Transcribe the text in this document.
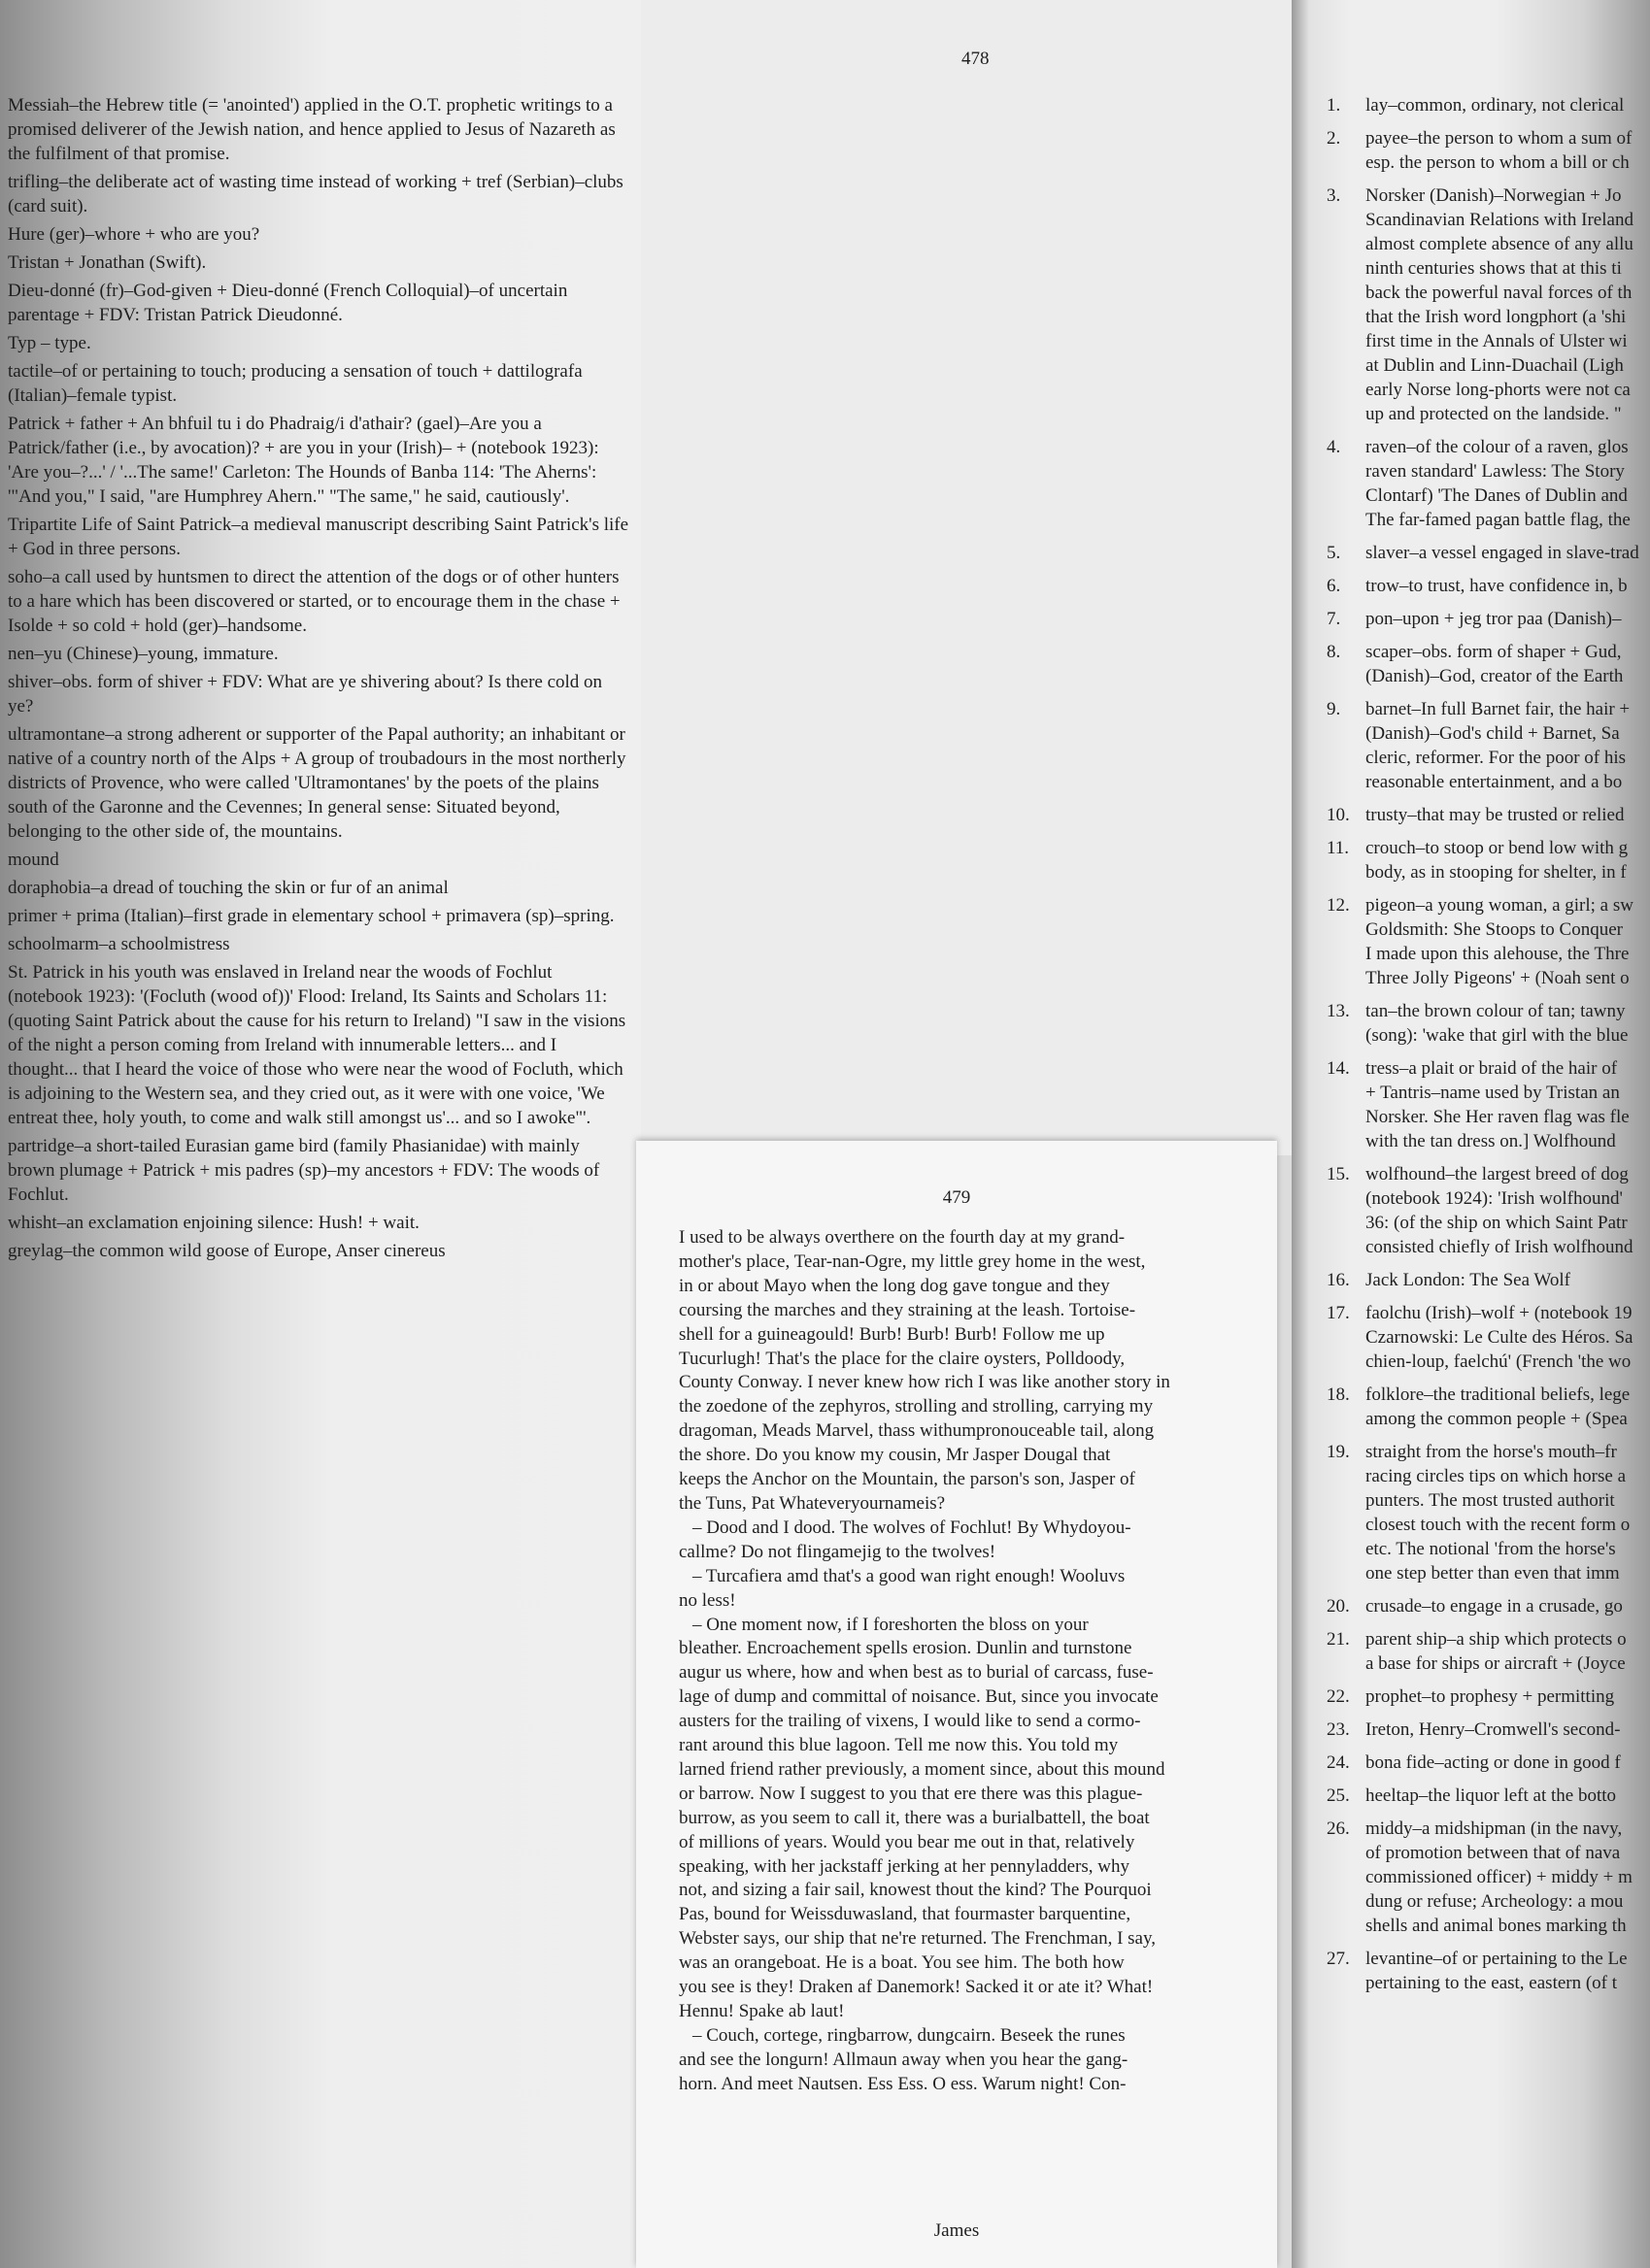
Messiah–the Hebrew title (= 'anointed') applied in the O.T. prophetic writings to a promised deliverer of the Jewish nation, and hence applied to Jesus of Nazareth as the fulfilment of that promise.
trifling–the deliberate act of wasting time instead of working + tref (Serbian)–clubs (card suit).
Hure (ger)–whore + who are you?
Tristan + Jonathan (Swift).
Dieu-donné (fr)–God-given + Dieu-donné (French Colloquial)–of uncertain parentage + FDV: Tristan Patrick Dieudonné.
Typ – type.
tactile–of or pertaining to touch; producing a sensation of touch + dattilografa (Italian)–female typist.
Patrick + father + An bhfuil tu i do Phadraig/i d'athair? (gael)–Are you a Patrick/father (i.e., by avocation)? + are you in your (Irish)– + (notebook 1923): 'Are you–?...' / '...The same!' Carleton: The Hounds of Banba 114: 'The Aherns': '"And you," I said, "are Humphrey Ahern." "The same," he said, cautiously'.
Tripartite Life of Saint Patrick–a medieval manuscript describing Saint Patrick's life + God in three persons.
soho–a call used by huntsmen to direct the attention of the dogs or of other hunters to a hare which has been discovered or started, or to encourage them in the chase + Isolde + so cold + hold (ger)–handsome.
nen–yu (Chinese)–young, immature.
shiver–obs. form of shiver + FDV: What are ye shivering about? Is there cold on ye?
ultramontane–a strong adherent or supporter of the Papal authority; an inhabitant or native of a country north of the Alps + A group of troubadours in the most northerly districts of Provence, who were called 'Ultramontanes' by the poets of the plains south of the Garonne and the Cevennes; In general sense: Situated beyond, belonging to the other side of, the mountains.
mound
doraphobia–a dread of touching the skin or fur of an animal
primer + prima (Italian)–first grade in elementary school + primavera (sp)–spring.
schoolmarm–a schoolmistress
St. Patrick in his youth was enslaved in Ireland near the woods of Fochlut (notebook 1923): '(Focluth (wood of))' Flood: Ireland, Its Saints and Scholars 11: (quoting Saint Patrick about the cause for his return to Ireland) "I saw in the visions of the night a person coming from Ireland with innumerable letters... and I thought... that I heard the voice of those who were near the wood of Focluth, which is adjoining to the Western sea, and they cried out, as it were with one voice, 'We entreat thee, holy youth, to come and walk still amongst us'... and so I awoke"'.
partridge–a short-tailed Eurasian game bird (family Phasianidae) with mainly brown plumage + Patrick + mis padres (sp)–my ancestors + FDV: The woods of Fochlut.
whisht–an exclamation enjoining silence: Hush! + wait.
greylag–the common wild goose of Europe, Anser cinereus
478
1.	lay–common, ordinary, not clerical
2.	payee–the person to whom a sum of
esp. the person to whom a bill or ch
3.	Norsker (Danish)–Norwegian + Jo
Scandinavian Relations with Ireland
almost complete absence of any allu
ninth centuries shows that at this ti
back the powerful naval forces of th
that the Irish word longphort (a 'shi
first time in the Annals of Ulster wi
at Dublin and Linn-Duachail (Ligh
early Norse long-phorts were not ca
up and protected on the landside. "
4.	raven–of the colour of a raven, glos
raven standard' Lawless: The Story
Clontarf) 'The Danes of Dublin and
The far-famed pagan battle flag, the
5.	slaver–a vessel engaged in slave-trad
6.	trow–to trust, have confidence in, b
7.	pon–upon + jeg tror paa (Danish)–
8.	scaper–obs. form of shaper + Gud,
(Danish)–God, creator of the Earth
9.	barnet–In full Barnet fair, the hair +
(Danish)–God's child + Barnet, Sa
cleric, reformer. For the poor of his
reasonable entertainment, and a bo
10. trusty–that may be trusted or relied
11. crouch–to stoop or bend low with g
body, as in stooping for shelter, in f
12. pigeon–a young woman, a girl; a sw
Goldsmith: She Stoops to Conquer
I made upon this alehouse, the Thre
Three Jolly Pigeons' + (Noah sent o
13. tan–the brown colour of tan; tawny
(song): 'wake that girl with the blue
14. tress–a plait or braid of the hair of
+ Tantris–name used by Tristan an
Norsker. She Her raven flag was fle
with the tan dress on.] Wolfhound
15. wolfhound–the largest breed of dog
(notebook 1924): 'Irish wolfhound'
36: (of the ship on which Saint Patr
consisted chiefly of Irish wolfhound
16. Jack London: The Sea Wolf
17. faolchu (Irish)–wolf + (notebook 19
Czarnowski: Le Culte des Héros. Sa
chien-loup, faelchú' (French 'the wo
18. folklore–the traditional beliefs, lege
among the common people + (Spea
19. straight from the horse's mouth–fr
racing circles tips on which horse a
punters. The most trusted authorit
closest touch with the recent form o
etc. The notional 'from the horse's
one step better than even that imm
20. crusade–to engage in a crusade, go
21. parent ship–a ship which protects o
a base for ships or aircraft + (Joyce
22. prophet–to prophesy + permitting
23. Ireton, Henry–Cromwell's second-
24. bona fide–acting or done in good f
25. heeltap–the liquor left at the botto
26. middy–a midshipman (in the navy,
of promotion between that of nava
commissioned officer) + middy + m
dung or refuse; Archeology: a mou
shells and animal bones marking th
27. levantine–of or pertaining to the Le
pertaining to the east, eastern (of t
479

I used to be always overthere on the fourth day at my grand-
mother's place, Tear-nan-Ogre, my little grey home in the west,
in or about Mayo when the long dog gave tongue and they
coursing the marches and they straining at the leash. Tortoise-
shell for a guineagould! Burb! Burb! Burb! Follow me up
Tucurlugh! That's the place for the claire oysters, Polldoody,
County Conway. I never knew how rich I was like another story in
the zoedone of the zephyros, strolling and strolling, carrying my
dragoman, Meads Marvel, thass withumpronouceable tail, along
the shore. Do you know my cousin, Mr Jasper Dougal that
keeps the Anchor on the Mountain, the parson's son, Jasper of
the Tuns, Pat Whateveryournameis?

– Dood and I dood. The wolves of Fochlut! By Whydoyou-
callme? Do not flingamejig to the twolves!

– Turcafiera amd that's a good wan right enough! Wooluvs
no less!

– One moment now, if I foreshorten the bloss on your
bleather. Encroachement spells erosion. Dunlin and turnstone
augur us where, how and when best as to burial of carcass, fuse-
lage of dump and committal of noisance. But, since you invocate
austers for the trailing of vixens, I would like to send a cormo-
rant around this blue lagoon. Tell me now this. You told my
larned friend rather previously, a moment since, about this mound
or barrow. Now I suggest to you that ere there was this plague-
burrow, as you seem to call it, there was a burialbattell, the boat
of millions of years. Would you bear me out in that, relatively
speaking, with her jackstaff jerking at her pennyladders, why
not, and sizing a fair sail, knowest thout the kind? The Pourquoi
Pas, bound for Weissduwasland, that fourmaster barquentine,
Webster says, our ship that ne're returned. The Frenchman, I say,
was an orangeboat. He is a boat. You see him. The both how
you see is they! Draken af Danemork! Sacked it or ate it? What!
Hennu! Spake ab laut!

– Couch, cortege, ringbarrow, dungcairn. Beseek the runes
and see the longurn! Allmaun away when you hear the gang-
horn. And meet Nautsen. Ess Ess. O ess. Warum night! Con-

James
